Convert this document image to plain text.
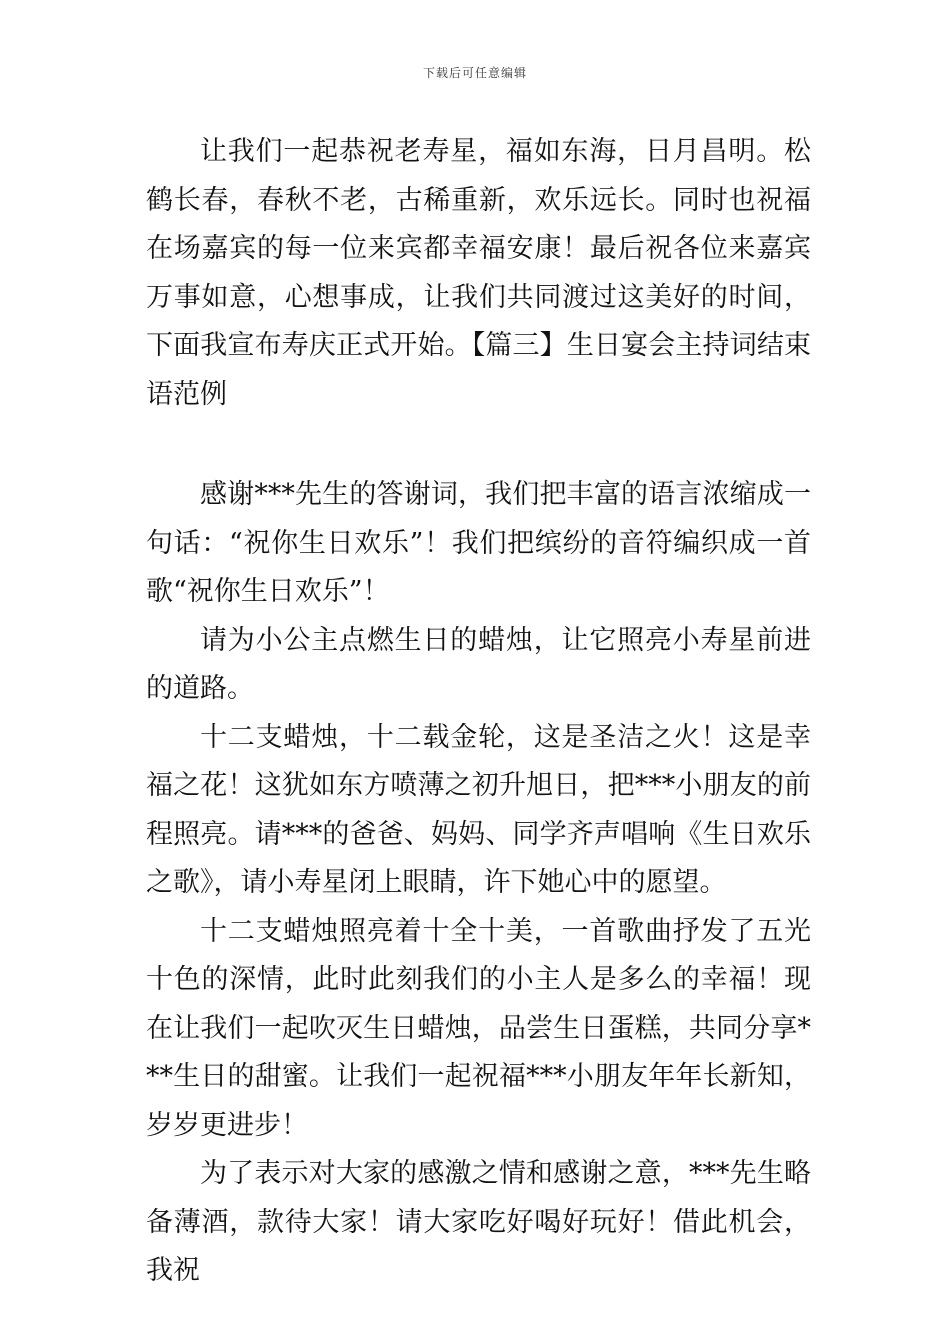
下载后可任意编辑

让我们一起恭祝老寿星，福如东海，日月昌明。松鹤长春，春秋不老，古稀重新，欢乐远长。同时也祝福在场嘉宾的每一位来宾都幸福安康！最后祝各位来嘉宾万事如意，心想事成，让我们共同渡过这美好的时间，下面我宣布寿庆正式开始。【篇三】生日宴会主持词结束语范例

感谢***先生的答谢词，我们把丰富的语言浓缩成一句话：“祝你生日欢乐”！我们把缤纷的音符编织成一首歌“祝你生日欢乐”！

请为小公主点燃生日的蜡烛，让它照亮小寿星前进的道路。

十二支蜡烛，十二载金轮，这是圣洁之火！这是幸福之花！这犹如东方喷薄之初升旭日，把***小朋友的前程照亮。请***的爸爸、妈妈、同学齐声唱响《生日欢乐之歌》，请小寿星闭上眼睛，许下她心中的愿望。

十二支蜡烛照亮着十全十美，一首歌曲抒发了五光十色的深情，此时此刻我们的小主人是多么的幸福！现在让我们一起吹灭生日蜡烛，品尝生日蛋糕，共同分享***生日的甜蜜。让我们一起祝福***小朋友年年长新知，岁岁更进步！

为了表示对大家的感激之情和感谢之意，***先生略备薄酒，款待大家！请大家吃好喝好玩好！借此机会，我祝
